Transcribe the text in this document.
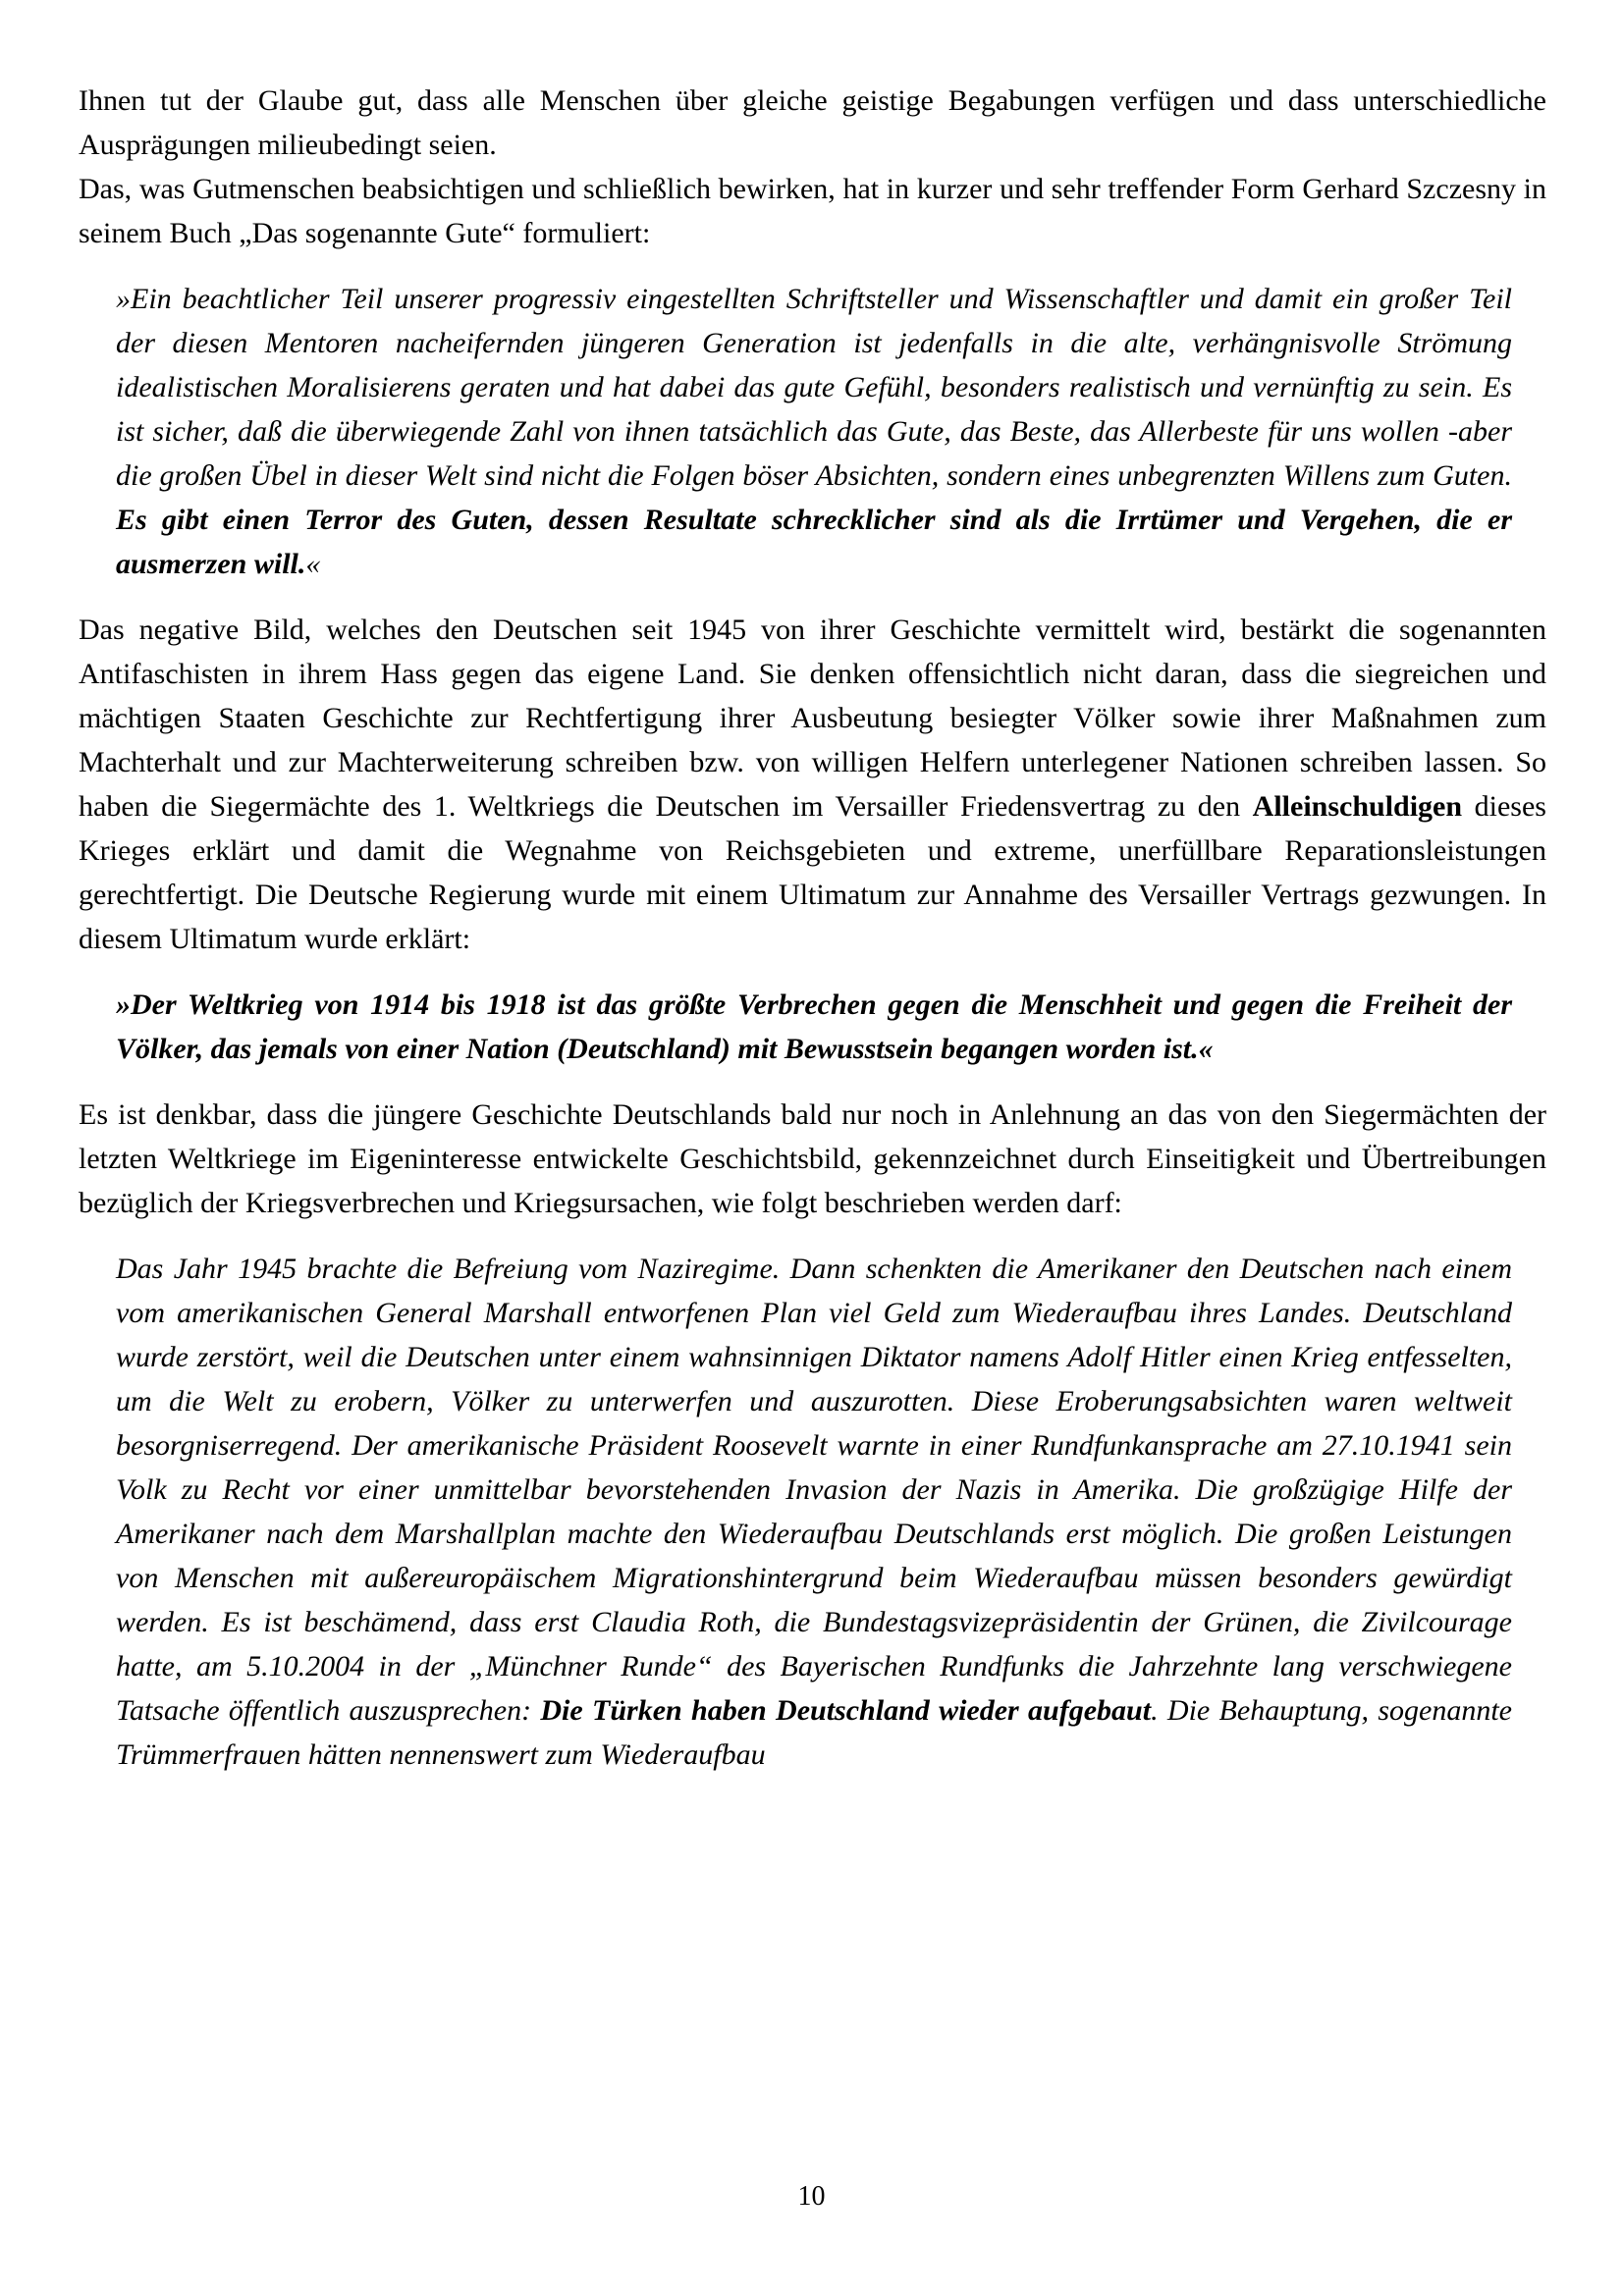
Ihnen tut der Glaube gut, dass alle Menschen über gleiche geistige Begabungen verfügen und dass unterschiedliche Ausprägungen milieubedingt seien.

Das, was Gutmenschen beabsichtigen und schließlich bewirken, hat in kurzer und sehr treffender Form Gerhard Szczesny in seinem Buch „Das sogenannte Gute“ formuliert:

»Ein beachtlicher Teil unserer progressiv eingestellten Schriftsteller und Wissenschaftler und damit ein großer Teil der diesen Mentoren nacheifernden jüngeren Generation ist jedenfalls in die alte, verhängnisvolle Strömung idealistischen Moralisierens geraten und hat dabei das gute Gefühl, besonders realistisch und vernünftig zu sein. Es ist sicher, daß die überwiegende Zahl von ihnen tatsächlich das Gute, das Beste, das Allerbeste für uns wollen -aber die großen Übel in dieser Welt sind nicht die Folgen böser Absichten, sondern eines unbegrenzten Willens zum Guten. Es gibt einen Terror des Guten, dessen Resultate schrecklicher sind als die Irrtümer und Vergehen, die er ausmerzen will.«

Das negative Bild, welches den Deutschen seit 1945 von ihrer Geschichte vermittelt wird, bestärkt die sogenannten Antifaschisten in ihrem Hass gegen das eigene Land. Sie denken offensichtlich nicht daran, dass die siegreichen und mächtigen Staaten Geschichte zur Rechtfertigung ihrer Ausbeutung besiegter Völker sowie ihrer Maßnahmen zum Machterhalt und zur Machterweiterung schreiben bzw. von willigen Helfern unterlegener Nationen schreiben lassen. So haben die Siegermächte des 1. Weltkriegs die Deutschen im Versailler Friedensvertrag zu den Alleinschuldigen dieses Krieges erklärt und damit die Wegnahme von Reichsgebieten und extreme, unerfüllbare Reparationsleistungen gerechtfertigt. Die Deutsche Regierung wurde mit einem Ultimatum zur Annahme des Versailler Vertrags gezwungen. In diesem Ultimatum wurde erklärt:

»Der Weltkrieg von 1914 bis 1918 ist das größte Verbrechen gegen die Menschheit und gegen die Freiheit der Völker, das jemals von einer Nation (Deutschland) mit Bewusstsein begangen worden ist.«

Es ist denkbar, dass die jüngere Geschichte Deutschlands bald nur noch in Anlehnung an das von den Siegermächten der letzten Weltkriege im Eigeninteresse entwickelte Geschichtsbild, gekennzeichnet durch Einseitigkeit und Übertreibungen bezüglich der Kriegsverbrechen und Kriegsursachen, wie folgt beschrieben werden darf:

Das Jahr 1945 brachte die Befreiung vom Naziregime. Dann schenkten die Amerikaner den Deutschen nach einem vom amerikanischen General Marshall entworfenen Plan viel Geld zum Wiederaufbau ihres Landes. Deutschland wurde zerstört, weil die Deutschen unter einem wahnsinnigen Diktator namens Adolf Hitler einen Krieg entfesselten, um die Welt zu erobern, Völker zu unterwerfen und auszurotten. Diese Eroberungsabsichten waren weltweit besorgniserregend. Der amerikanische Präsident Roosevelt warnte in einer Rundfunkansprache am 27.10.1941 sein Volk zu Recht vor einer unmittelbar bevorstehenden Invasion der Nazis in Amerika. Die großzügige Hilfe der Amerikaner nach dem Marshallplan machte den Wiederaufbau Deutschlands erst möglich. Die großen Leistungen von Menschen mit außereuropäischem Migrationshintergrund beim Wiederaufbau müssen besonders gewürdigt werden. Es ist beschämend, dass erst Claudia Roth, die Bundestagsvizepräsidentin der Grünen, die Zivilcourage hatte, am 5.10.2004 in der „Münchner Runde“ des Bayerischen Rundfunks die Jahrzehnte lang verschwiegene Tatsache öffentlich auszusprechen: Die Türken haben Deutschland wieder aufgebaut. Die Behauptung, sogenannte Trümmerfrauen hätten nennenswert zum Wiederaufbau

10
